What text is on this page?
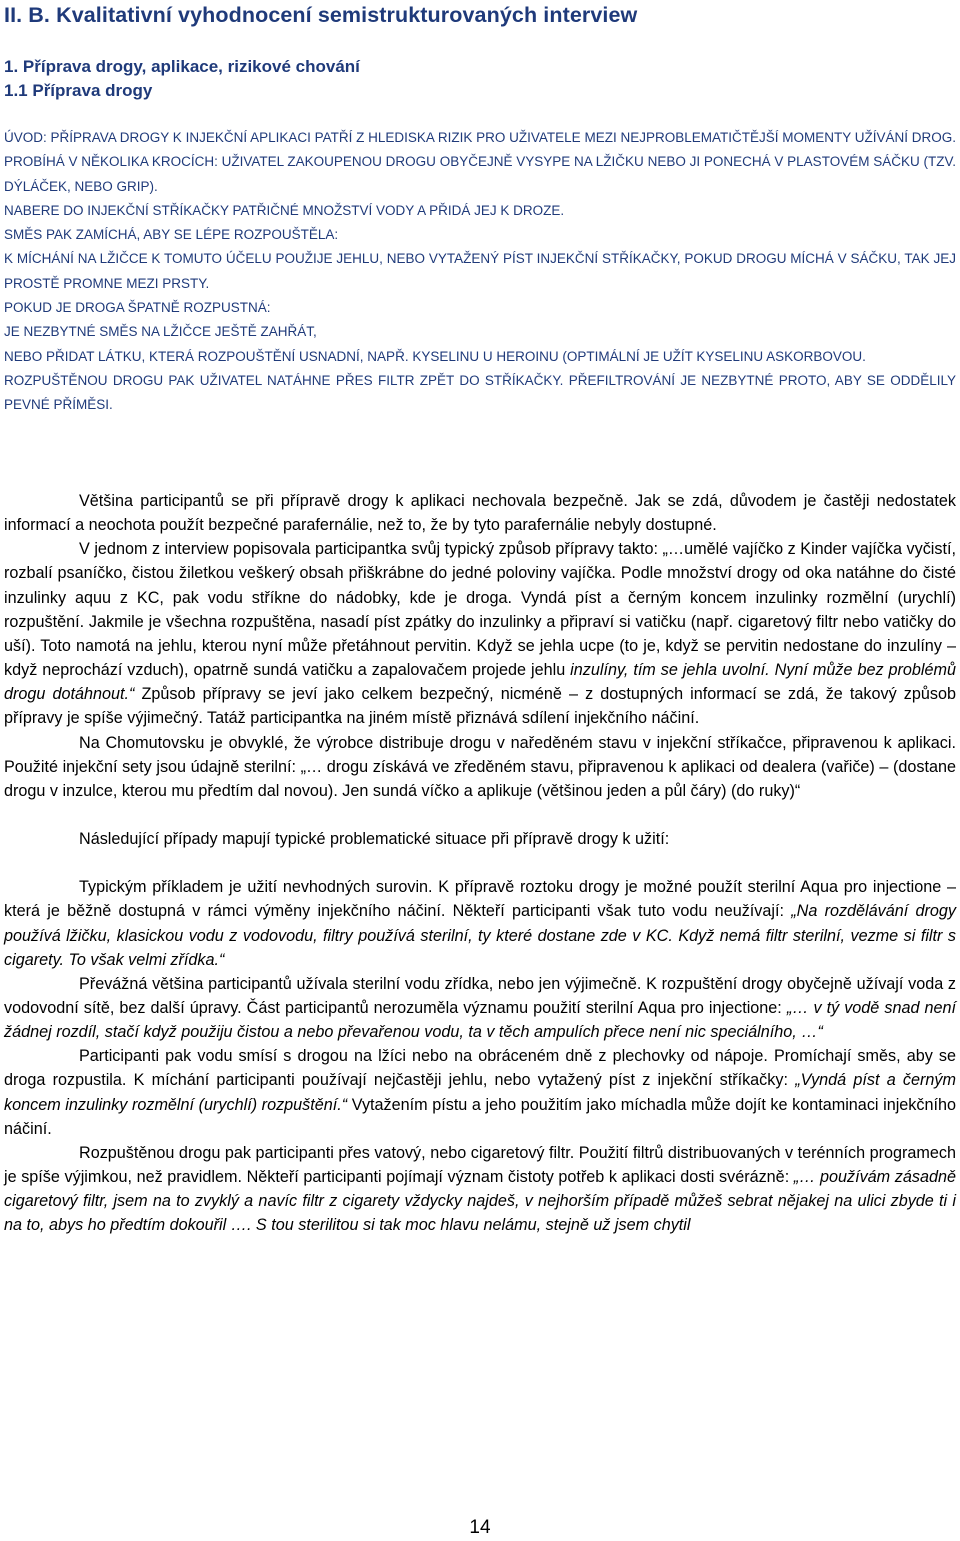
II. B. Kvalitativní vyhodnocení semistrukturovaných interview
1. Příprava drogy, aplikace, rizikové chování
1.1 Příprava drogy

ÚVOD: PŘÍPRAVA DROGY K INJEKČNÍ APLIKACI PATŘÍ Z HLEDISKA RIZIK PRO UŽIVATELE MEZI NEJPROBLEMATIČTĚJŠÍ MOMENTY UŽÍVÁNÍ DROG. PROBÍHÁ V NĚKOLIKA KROCÍCH: UŽIVATEL ZAKOUPENOU DROGU OBYČEJNĚ VYSYPE NA LŽIČKU NEBO JI PONECHÁ V PLASTOVÉM SÁČKU (TZV. DÝLÁČEK, NEBO GRIP).

NABERE DO INJEKČNÍ STŘÍKAČKY PATŘIČNÉ MNOŽSTVÍ VODY A PŘIDÁ JEJ K DROZE.

SMĚS PAK ZAMÍCHÁ, ABY SE LÉPE ROZPOUŠTĚLA:

K MÍCHÁNÍ NA LŽIČCE K TOMUTO ÚČELU POUŽIJE JEHLU, NEBO VYTAŽENÝ PÍST INJEKČNÍ STŘÍKAČKY, POKUD DROGU MÍCHÁ V SÁČKU, TAK JEJ PROSTĚ PROMNE MEZI PRSTY.

POKUD JE DROGA ŠPATNĚ ROZPUSTNÁ:

JE NEZBYTNÉ SMĚS NA LŽIČCE JEŠTĚ ZAHŘÁT,

NEBO PŘIDAT LÁTKU, KTERÁ ROZPOUŠTĚNÍ USNADNÍ, NAPŘ. KYSELINU U HEROINU (OPTIMÁLNÍ JE UŽÍT KYSELINU ASKORBOVOU.

ROZPUŠTĚNOU DROGU PAK UŽIVATEL NATÁHNE PŘES FILTR ZPĚT DO STŘÍKAČKY. PŘEFILTROVÁNÍ JE NEZBYTNÉ PROTO, ABY SE ODDĚLILY PEVNÉ PŘÍMĚSI.

Většina participantů se při přípravě drogy k aplikaci nechovala bezpečně. Jak se zdá, důvodem je častěji nedostatek informací a neochota použít bezpečné parafernálie, než to, že by tyto parafernálie nebyly dostupné.

V jednom z interview popisovala participantka svůj typický způsob přípravy takto: „…umělé vajíčko z Kinder vajíčka vyčistí, rozbalí psaníčko, čistou žiletkou veškerý obsah přiškrábne do jedné poloviny vajíčka. Podle množství drogy od oka natáhne do čisté inzulinky aquu z KC, pak vodu stříkne do nádobky, kde je droga. Vyndá píst a černým koncem inzulinky rozmělní (urychlí) rozpuštění. Jakmile je všechna rozpuštěna, nasadí píst zpátky do inzulinky a připraví si vatičku (např. cigaretový filtr nebo vatičky do uší). Toto namotá na jehlu, kterou nyní může přetáhnout pervitin. Když se jehla ucpe (to je, když se pervitin nedostane do inzulíny – když neprochází vzduch), opatrně sundá vatičku a zapalovačem projede jehlu inzulíny, tím se jehla uvolní. Nyní může bez problémů drogu dotáhnout.“ Způsob přípravy se jeví jako celkem bezpečný, nicméně – z dostupných informací se zdá, že takový způsob přípravy je spíše výjimečný. Tatáž participantka na jiném místě přiznává sdílení injekčního náčiní.

Na Chomutovsku je obvyklé, že výrobce distribuje drogu v naředěném stavu v injekční stříkačce, připravenou k aplikaci. Použité injekční sety jsou údajně sterilní: „… drogu získává ve zředěném stavu, připravenou k aplikaci od dealera (vařiče) – (dostane drogu v inzulce, kterou mu předtím dal novou). Jen sundá víčko a aplikuje (většinou jeden a půl čáry) (do ruky)“

Následující případy mapují typické problematické situace při přípravě drogy k užití:

Typickým příkladem je užití nevhodných surovin. K přípravě roztoku drogy je možné použít sterilní Aqua pro injectione – která je běžně dostupná v rámci výměny injekčního náčiní. Někteří participanti však tuto vodu neužívají: „Na rozdělávání drogy používá lžičku, klasickou vodu z vodovodu, filtry používá sterilní, ty které dostane zde v KC. Když nemá filtr sterilní, vezme si filtr s cigarety. To však velmi zřídka.“

Převážná většina participantů užívala sterilní vodu zřídka, nebo jen výjimečně. K rozpuštění drogy obyčejně užívají voda z vodovodní sítě, bez další úpravy. Část participantů nerozuměla významu použití sterilní Aqua pro injectione: „… v tý vodě snad není žádnej rozdíl, stačí když použiju čistou a nebo převařenou vodu, ta v těch ampulích přece není nic speciálního, …“

Participanti pak vodu smísí s drogou na lžíci nebo na obráceném dně z plechovky od nápoje. Promíchají směs, aby se droga rozpustila. K míchání participanti používají nejčastěji jehlu, nebo vytažený píst z injekční stříkačky: „Vyndá píst a černým koncem inzulinky rozmělní (urychlí) rozpuštění.“ Vytažením pístu a jeho použitím jako míchadla může dojít ke kontaminaci injekčního náčiní.

Rozpuštěnou drogu pak participanti přes vatový, nebo cigaretový filtr. Použití filtrů distribuovaných v terénních programech je spíše výjimkou, než pravidlem. Někteří participanti pojímají význam čistoty potřeb k aplikaci dosti svérázně: „… používám zásadně cigaretový filtr, jsem na to zvyklý a navíc filtr z cigarety vždycky najdeš, v nejhorším případě můžeš sebrat nějakej na ulici zbyde ti i na to, abys ho předtím dokouřil …. S tou sterilitou si tak moc hlavu nelámu, stejně už jsem chytil

14
